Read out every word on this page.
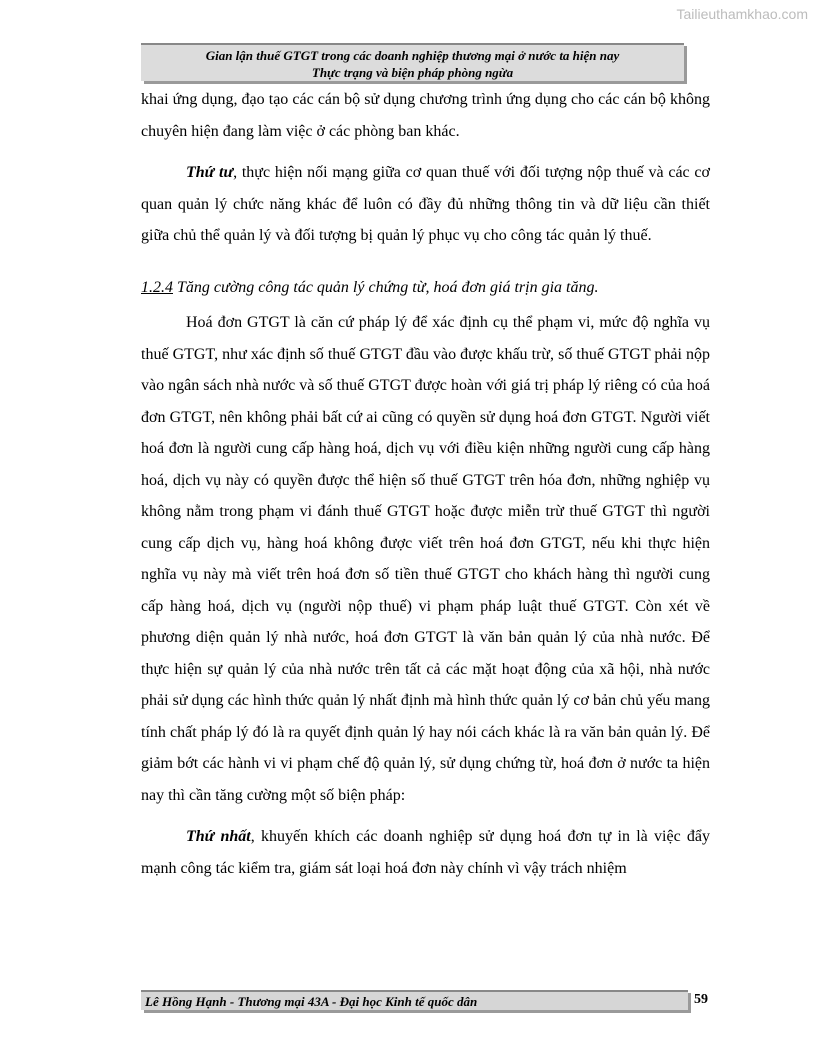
Tailieuthamkhao.com
Gian lận thuế GTGT trong các doanh nghiệp thương mại ở nước ta hiện nay
Thực trạng và biện pháp phòng ngừa

khai ứng dụng, đạo tạo các cán bộ sử dụng chương trình ứng dụng cho các cán bộ không chuyên hiện đang làm việc ở các phòng ban khác.

Thứ tư, thực hiện nối mạng giữa cơ quan thuế với đối tượng nộp thuế và các cơ quan quản lý chức năng khác để luôn có đầy đủ những thông tin và dữ liệu cần thiết giữa chủ thể quản lý và đối tượng bị quản lý phục vụ cho công tác quản lý thuế.

1.2.4 Tăng cường công tác quản lý chứng từ, hoá đơn giá trịn gia tăng.

Hoá đơn GTGT là căn cứ pháp lý để xác định cụ thể phạm vi, mức độ nghĩa vụ thuế GTGT, như xác định số thuế GTGT đầu vào được khấu trừ, số thuế GTGT phải nộp vào ngân sách nhà nước và số thuế GTGT được hoàn với giá trị pháp lý riêng có của hoá đơn GTGT, nên không phải bất cứ ai cũng có quyền sử dụng hoá đơn GTGT. Người viết hoá đơn là người cung cấp hàng hoá, dịch vụ với điều kiện những người cung cấp hàng hoá, dịch vụ này có quyền được thể hiện số thuế GTGT trên hóa đơn, những nghiệp vụ không nằm trong phạm vi đánh thuế GTGT hoặc được miễn trừ thuế GTGT thì người cung cấp dịch vụ, hàng hoá không được viết trên hoá đơn GTGT, nếu khi thực hiện nghĩa vụ này mà viết trên hoá đơn số tiền thuế GTGT cho khách hàng thì người cung cấp hàng hoá, dịch vụ (người nộp thuế) vi phạm pháp luật thuế GTGT. Còn xét về phương diện quản lý nhà nước, hoá đơn GTGT là văn bản quản lý của nhà nước. Để thực hiện sự quản lý của nhà nước trên tất cả các mặt hoạt động của xã hội, nhà nước phải sử dụng các hình thức quản lý nhất định mà hình thức quản lý cơ bản chủ yếu mang tính chất pháp lý đó là ra quyết định quản lý hay nói cách khác là ra văn bản quản lý. Để giảm bớt các hành vi vi phạm chế độ quản lý, sử dụng chứng từ, hoá đơn ở nước ta hiện nay thì cần tăng cường một số biện pháp:

Thứ nhất, khuyến khích các doanh nghiệp sử dụng hoá đơn tự in là việc đẩy mạnh công tác kiểm tra, giám sát loại hoá đơn này chính vì vậy trách nhiệm

Lê Hồng Hạnh - Thương mại 43A - Đại học Kinh tế quốc dân	59
